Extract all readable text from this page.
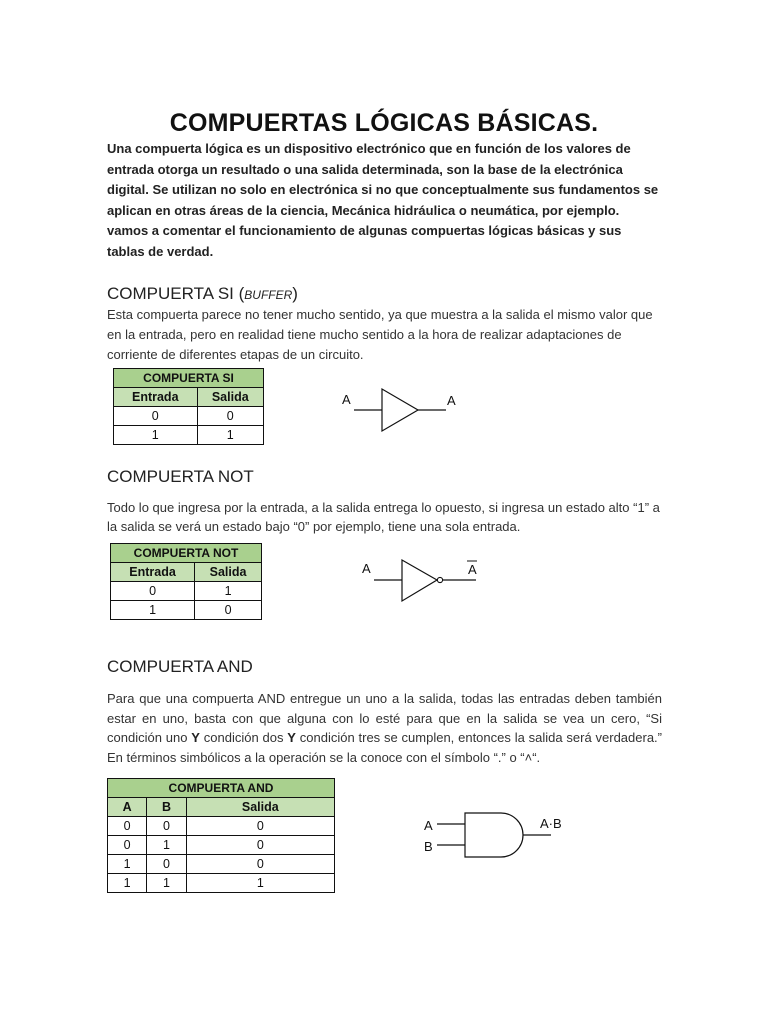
COMPUERTAS LÓGICAS BÁSICAS.

Una compuerta lógica es un dispositivo electrónico que en función de los valores de entrada otorga un resultado o una salida determinada, son la base de la electrónica digital. Se utilizan no solo en electrónica si no que conceptualmente sus fundamentos se aplican en otras áreas de la ciencia, Mecánica hidráulica o neumática, por ejemplo. vamos a comentar el funcionamiento de algunas compuertas lógicas básicas y sus tablas de verdad.

COMPUERTA SI (BUFFER)

Esta compuerta parece no tener mucho sentido, ya que muestra a la salida el mismo valor que en la entrada, pero en realidad tiene mucho sentido a la hora de realizar adaptaciones de corriente de diferentes etapas de un circuito.

COMPUERTA SI	
Entrada	Salida
0	0
1	1
A	A
COMPUERTA NOT

Todo lo que ingresa por la entrada, a la salida entrega lo opuesto, si ingresa un estado alto “1” a la salida se verá un estado bajo “0” por ejemplo, tiene una sola entrada.

COMPUERTA NOT	
Entrada	Salida
0	1
1	0
A	A
COMPUERTA AND

Para que una compuerta AND entregue un uno a la salida, todas las entradas deben también estar en uno, basta con que alguna con lo esté para que en la salida se vea un cero, “Si condición uno Y condición dos Y condición tres se cumplen, entonces la salida será verdadera.” En términos simbólicos a la operación se la conoce con el símbolo “.” o “˄“.

COMPUERTA AND		
A	B	Salida
0	0	0
0	1	0
1	0	0
1	1	1
A
B
A·B
